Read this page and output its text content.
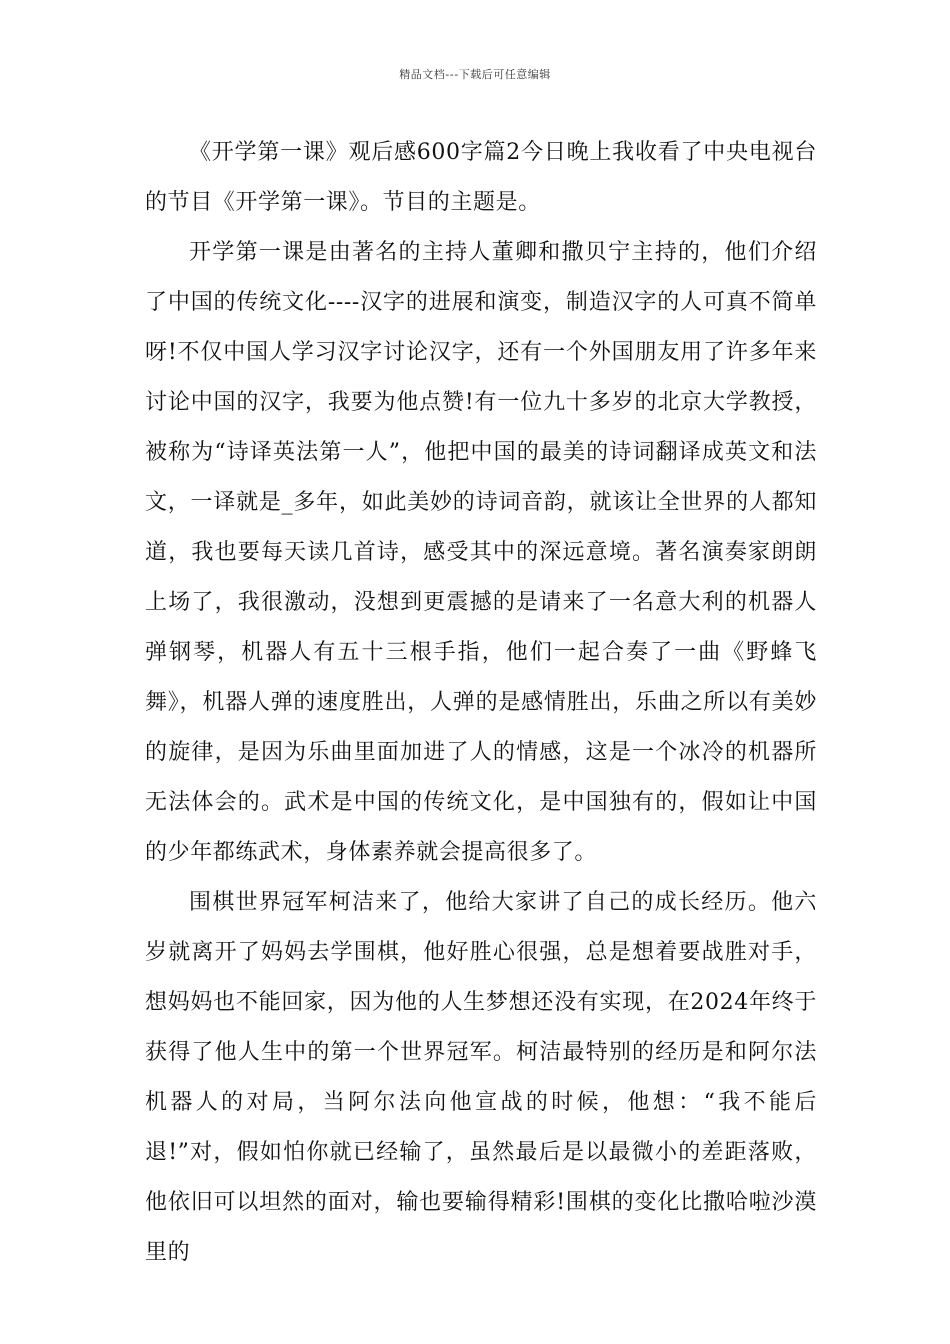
精品文档---下载后可任意编辑

《开学第一课》观后感600字篇2今日晚上我收看了中央电视台的节目《开学第一课》。节目的主题是。

开学第一课是由著名的主持人董卿和撒贝宁主持的，他们介绍了中国的传统文化----汉字的进展和演变，制造汉字的人可真不简单呀!不仅中国人学习汉字讨论汉字，还有一个外国朋友用了许多年来讨论中国的汉字，我要为他点赞!有一位九十多岁的北京大学教授，被称为“诗译英法第一人”，他把中国的最美的诗词翻译成英文和法文，一译就是_多年，如此美妙的诗词音韵，就该让全世界的人都知道，我也要每天读几首诗，感受其中的深远意境。著名演奏家朗朗上场了，我很激动，没想到更震撼的是请来了一名意大利的机器人弹钢琴，机器人有五十三根手指，他们一起合奏了一曲《野蜂飞舞》，机器人弹的速度胜出，人弹的是感情胜出，乐曲之所以有美妙的旋律，是因为乐曲里面加进了人的情感，这是一个冰冷的机器所无法体会的。武术是中国的传统文化，是中国独有的，假如让中国的少年都练武术，身体素养就会提高很多了。

围棋世界冠军柯洁来了，他给大家讲了自己的成长经历。他六岁就离开了妈妈去学围棋，他好胜心很强，总是想着要战胜对手，想妈妈也不能回家，因为他的人生梦想还没有实现，在2024年终于获得了他人生中的第一个世界冠军。柯洁最特别的经历是和阿尔法机器人的对局，当阿尔法向他宣战的时候，他想：“我不能后退!”对，假如怕你就已经输了，虽然最后是以最微小的差距落败，他依旧可以坦然的面对，输也要输得精彩!围棋的变化比撒哈啦沙漠里的
